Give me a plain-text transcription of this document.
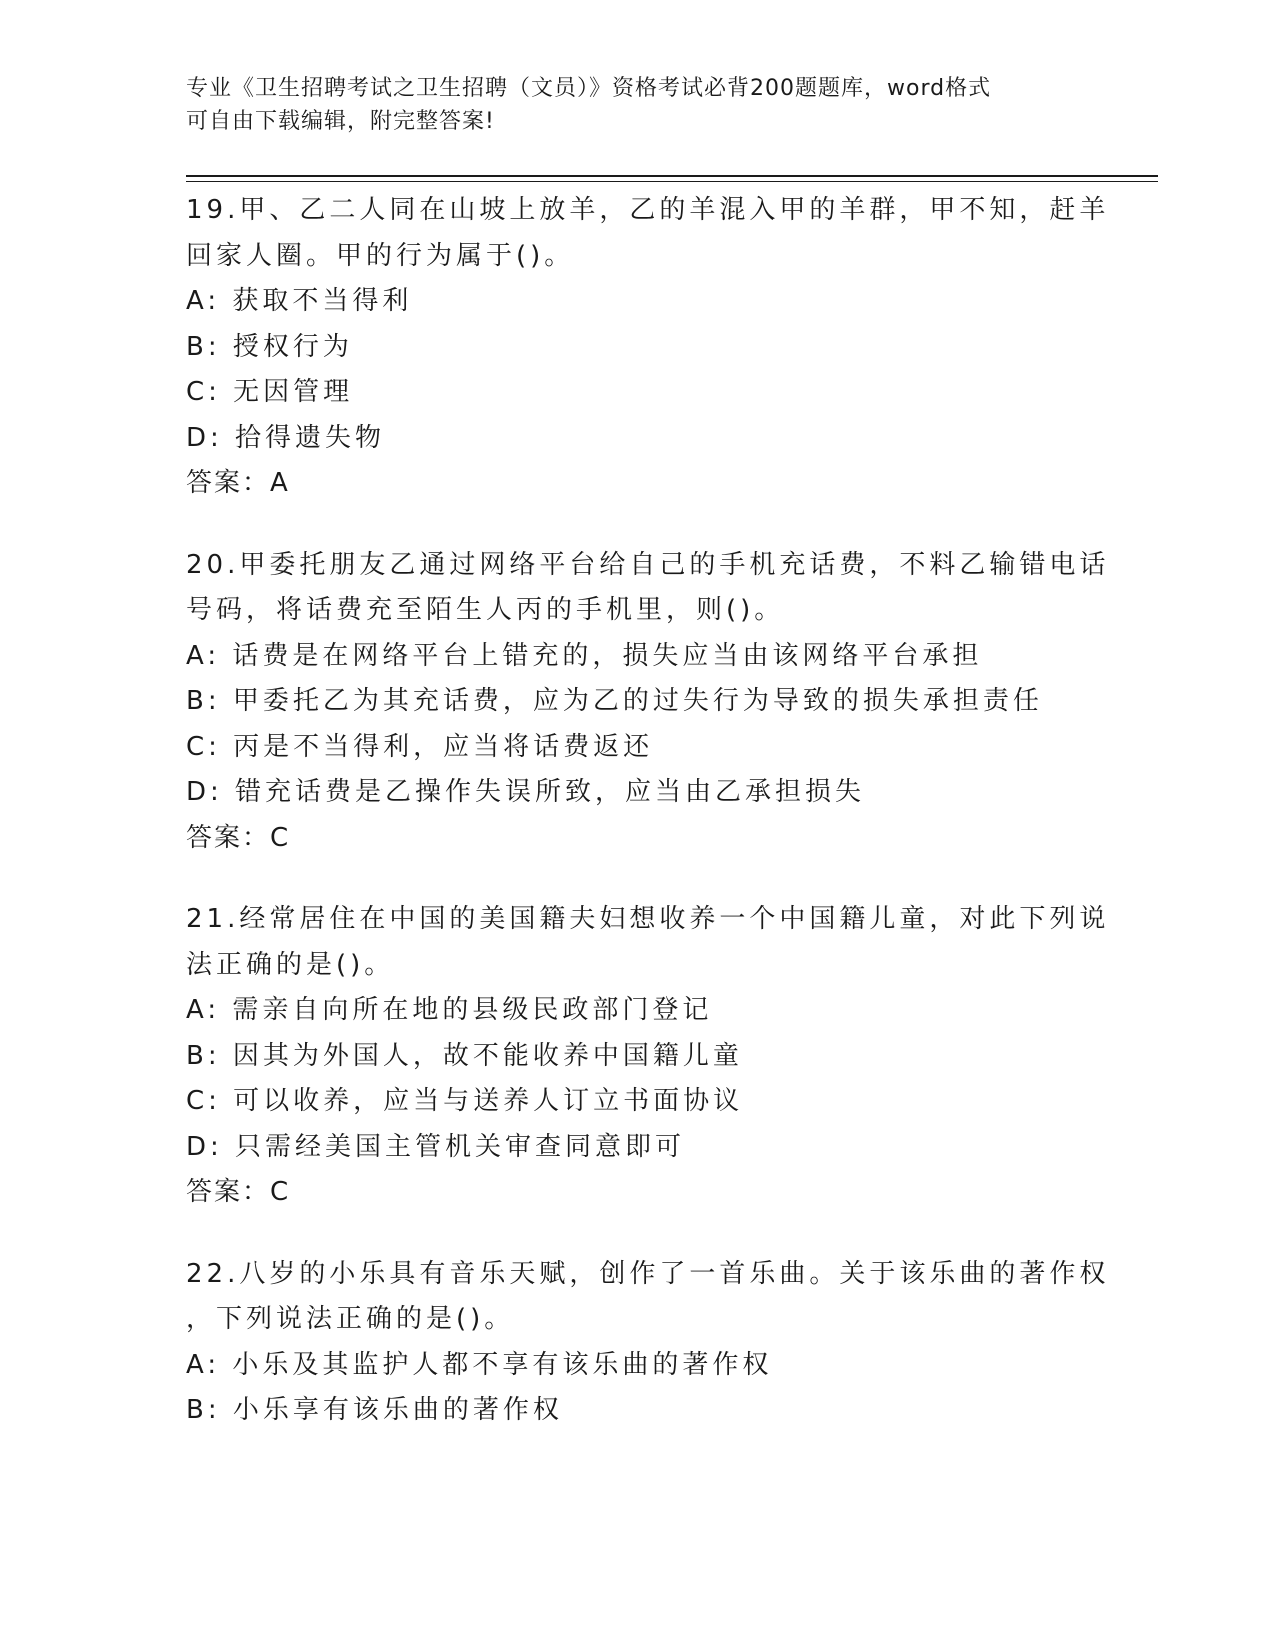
专业《卫生招聘考试之卫生招聘（文员）》资格考试必背200题题库，word格式
可自由下载编辑，附完整答案!
19.甲、乙二人同在山坡上放羊，乙的羊混入甲的羊群，甲不知，赶羊
回家人圈。甲的行为属于()。
A: 获取不当得利
B: 授权行为
C: 无因管理
D: 拾得遗失物
答案：A
20.甲委托朋友乙通过网络平台给自己的手机充话费，不料乙输错电话
号码，将话费充至陌生人丙的手机里，则()。
A: 话费是在网络平台上错充的，损失应当由该网络平台承担
B: 甲委托乙为其充话费，应为乙的过失行为导致的损失承担责任
C: 丙是不当得利，应当将话费返还
D: 错充话费是乙操作失误所致，应当由乙承担损失
答案：C
21.经常居住在中国的美国籍夫妇想收养一个中国籍儿童，对此下列说
法正确的是()。
A: 需亲自向所在地的县级民政部门登记
B: 因其为外国人，故不能收养中国籍儿童
C: 可以收养，应当与送养人订立书面协议
D: 只需经美国主管机关审查同意即可
答案：C
22.八岁的小乐具有音乐天赋，创作了一首乐曲。关于该乐曲的著作权
，下列说法正确的是()。
A: 小乐及其监护人都不享有该乐曲的著作权
B: 小乐享有该乐曲的著作权
